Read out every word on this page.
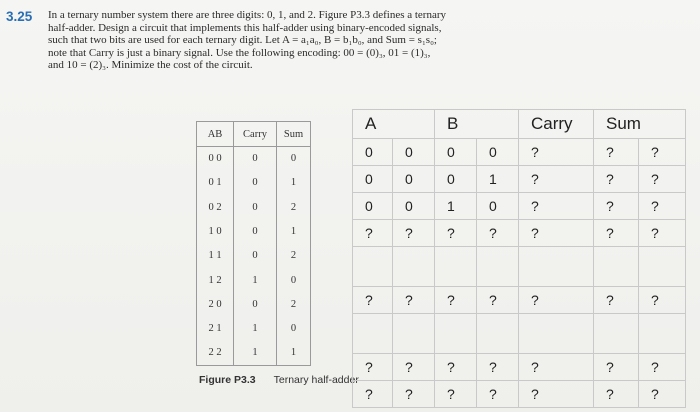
3.25 In a ternary number system there are three digits: 0, 1, and 2. Figure P3.3 defines a ternary
half-adder. Design a circuit that implements this half-adder using binary-encoded signals,
such that two bits are used for each ternary digit. Let A = a₁a₀, B = b₁b₀, and Sum = s₁s₀;
note that Carry is just a binary signal. Use the following encoding: 00 = (0)₃, 01 = (1)₃,
and 10 = (2)₃. Minimize the cost of the circuit.
AB	Carry	Sum
0 0	0	0
0 1	0	1
0 2	0	2
1 0	0	1
1 1	0	2
1 2	1	0
2 0	0	2
2 1	1	0
2 2	1	1
Figure P3.3 Ternary half-adder
A		B		Carry	Sum	
0	0	0	0	?	?	?
0	0	0	1	?	?	?
0	0	1	0	?	?	?
?	?	?	?	?	?	?

?	?	?	?	?	?	?

?	?	?	?	?	?	?
?	?	?	?	?	?	?
